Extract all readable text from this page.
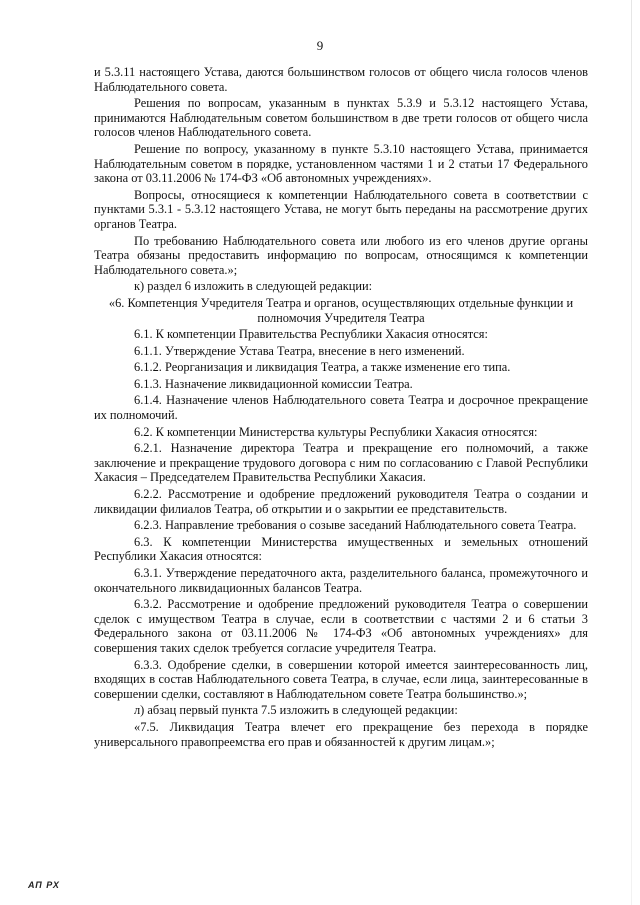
9

и 5.3.11 настоящего Устава, даются большинством голосов от общего числа голосов членов Наблюдательного совета.

Решения по вопросам, указанным в пунктах 5.3.9 и 5.3.12 настоящего Устава, принимаются Наблюдательным советом большинством в две трети голосов от общего числа голосов членов Наблюдательного совета.

Решение по вопросу, указанному в пункте 5.3.10 настоящего Устава, принимается Наблюдательным советом в порядке, установленном частями 1 и 2 статьи 17 Федерального закона от 03.11.2006 № 174-ФЗ «Об автономных учреждениях».

Вопросы, относящиеся к компетенции Наблюдательного совета в соответствии с пунктами 5.3.1 - 5.3.12 настоящего Устава, не могут быть переданы на рассмотрение других органов Театра.

По требованию Наблюдательного совета или любого из его членов другие органы Театра обязаны предоставить информацию по вопросам, относящимся к компетенции Наблюдательного совета.»;

к) раздел 6 изложить в следующей редакции:

«6. Компетенция Учредителя Театра и органов, осуществляющих отдельные функции и полномочия Учредителя Театра

6.1. К компетенции Правительства Республики Хакасия относятся:

6.1.1. Утверждение Устава Театра, внесение в него изменений.

6.1.2. Реорганизация и ликвидация Театра, а также изменение его типа.

6.1.3. Назначение ликвидационной комиссии Театра.

6.1.4. Назначение членов Наблюдательного совета Театра и досрочное прекращение их полномочий.

6.2. К компетенции Министерства культуры Республики Хакасия относятся:

6.2.1. Назначение директора Театра и прекращение его полномочий, а также заключение и прекращение трудового договора с ним по согласованию с Главой Республики Хакасия – Председателем Правительства Республики Хакасия.

6.2.2. Рассмотрение и одобрение предложений руководителя Театра о создании и ликвидации филиалов Театра, об открытии и о закрытии ее представительств.

6.2.3. Направление требования о созыве заседаний Наблюдательного совета Театра.

6.3. К компетенции Министерства имущественных и земельных отношений Республики Хакасия относятся:

6.3.1. Утверждение передаточного акта, разделительного баланса, промежуточного и окончательного ликвидационных балансов Театра.

6.3.2. Рассмотрение и одобрение предложений руководителя Театра о совершении сделок с имуществом Театра в случае, если в соответствии с частями 2 и 6 статьи 3 Федерального закона от 03.11.2006 № 174-ФЗ «Об автономных учреждениях» для совершения таких сделок требуется согласие учредителя Театра.

6.3.3. Одобрение сделки, в совершении которой имеется заинтересованность лиц, входящих в состав Наблюдательного совета Театра, в случае, если лица, заинтересованные в совершении сделки, составляют в Наблюдательном совете Театра большинство.»;

л) абзац первый пункта 7.5 изложить в следующей редакции:

«7.5. Ликвидация Театра влечет его прекращение без перехода в порядке универсального правопреемства его прав и обязанностей к другим лицам.»;

АП РХ
